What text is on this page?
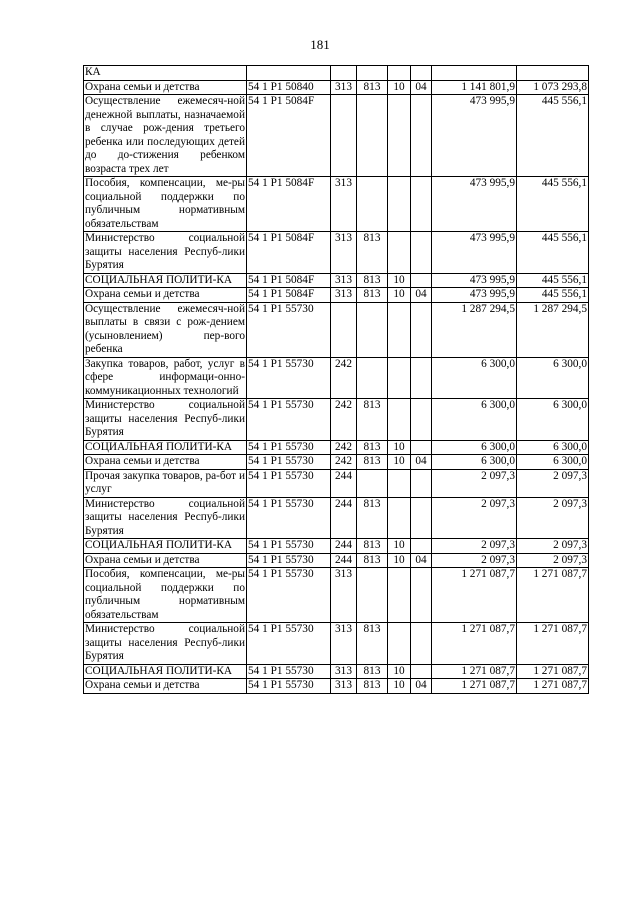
181
КА							
Охрана семьи и детства	54 1 P1 50840	313	813	10	04	1 141 801,9	1 073 293,8
Осуществление ежемесяч-ной денежной выплаты, назначаемой в случае рож-дения третьего ребенка или последующих детей до до-стижения ребенком возраста трех лет	54 1 P1 5084F					473 995,9	445 556,1
Пособия, компенсации, ме-ры социальной поддержки по публичным нормативным обязательствам	54 1 P1 5084F	313				473 995,9	445 556,1
Министерство социальной защиты населения Респуб-лики Бурятия	54 1 P1 5084F	313	813			473 995,9	445 556,1
СОЦИАЛЬНАЯ ПОЛИТИ-КА	54 1 P1 5084F	313	813	10		473 995,9	445 556,1
Охрана семьи и детства	54 1 P1 5084F	313	813	10	04	473 995,9	445 556,1
Осуществление ежемесяч-ной выплаты в связи с рож-дением (усыновлением) пер-вого ребенка	54 1 P1 55730					1 287 294,5	1 287 294,5
Закупка товаров, работ, услуг в сфере информаци-онно-коммуникационных технологий	54 1 P1 55730	242				6 300,0	6 300,0
Министерство социальной защиты населения Респуб-лики Бурятия	54 1 P1 55730	242	813			6 300,0	6 300,0
СОЦИАЛЬНАЯ ПОЛИТИ-КА	54 1 P1 55730	242	813	10		6 300,0	6 300,0
Охрана семьи и детства	54 1 P1 55730	242	813	10	04	6 300,0	6 300,0
Прочая закупка товаров, ра-бот и услуг	54 1 P1 55730	244				2 097,3	2 097,3
Министерство социальной защиты населения Респуб-лики Бурятия	54 1 P1 55730	244	813			2 097,3	2 097,3
СОЦИАЛЬНАЯ ПОЛИТИ-КА	54 1 P1 55730	244	813	10		2 097,3	2 097,3
Охрана семьи и детства	54 1 P1 55730	244	813	10	04	2 097,3	2 097,3
Пособия, компенсации, ме-ры социальной поддержки по публичным нормативным обязательствам	54 1 P1 55730	313				1 271 087,7	1 271 087,7
Министерство социальной защиты населения Респуб-лики Бурятия	54 1 P1 55730	313	813			1 271 087,7	1 271 087,7
СОЦИАЛЬНАЯ ПОЛИТИ-КА	54 1 P1 55730	313	813	10		1 271 087,7	1 271 087,7
Охрана семьи и детства	54 1 P1 55730	313	813	10	04	1 271 087,7	1 271 087,7
